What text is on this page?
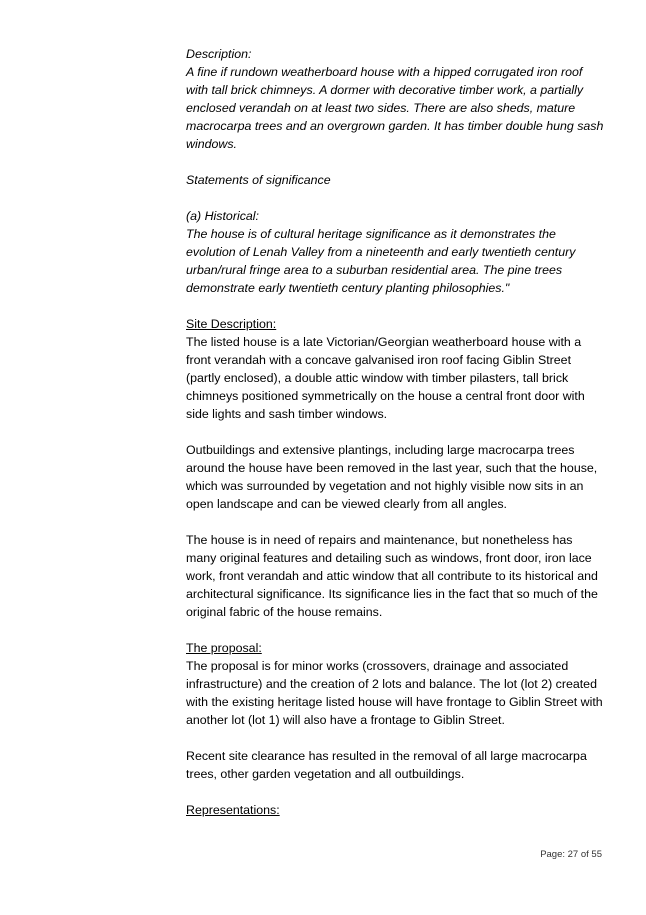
Description:

A fine if rundown weatherboard house with a hipped corrugated iron roof with tall brick chimneys. A dormer with decorative timber work, a partially enclosed verandah on at least two sides. There are also sheds, mature macrocarpa trees and an overgrown garden. It has timber double hung sash windows.

Statements of significance

(a) Historical:

The house is of cultural heritage significance as it demonstrates the evolution of Lenah Valley from a nineteenth and early twentieth century urban/rural fringe area to a suburban residential area. The pine trees demonstrate early twentieth century planting philosophies."

Site Description:

The listed house is a late Victorian/Georgian weatherboard house with a front verandah with a concave galvanised iron roof facing Giblin Street (partly enclosed), a double attic window with timber pilasters, tall brick chimneys positioned symmetrically on the house a central front door with side lights and sash timber windows.

Outbuildings and extensive plantings, including large macrocarpa trees around the house have been removed in the last year, such that the house, which was surrounded by vegetation and not highly visible now sits in an open landscape and can be viewed clearly from all angles.

The house is in need of repairs and maintenance, but nonetheless has many original features and detailing such as windows, front door, iron lace work, front verandah and attic window that all contribute to its historical and architectural significance. Its significance lies in the fact that so much of the original fabric of the house remains.

The proposal:

The proposal is for minor works (crossovers, drainage and associated infrastructure) and the creation of 2 lots and balance. The lot (lot 2) created with the existing heritage listed house will have frontage to Giblin Street with another lot (lot 1) will also have a frontage to Giblin Street.

Recent site clearance has resulted in the removal of all large macrocarpa trees, other garden vegetation and all outbuildings.

Representations:

Page: 27 of 55
